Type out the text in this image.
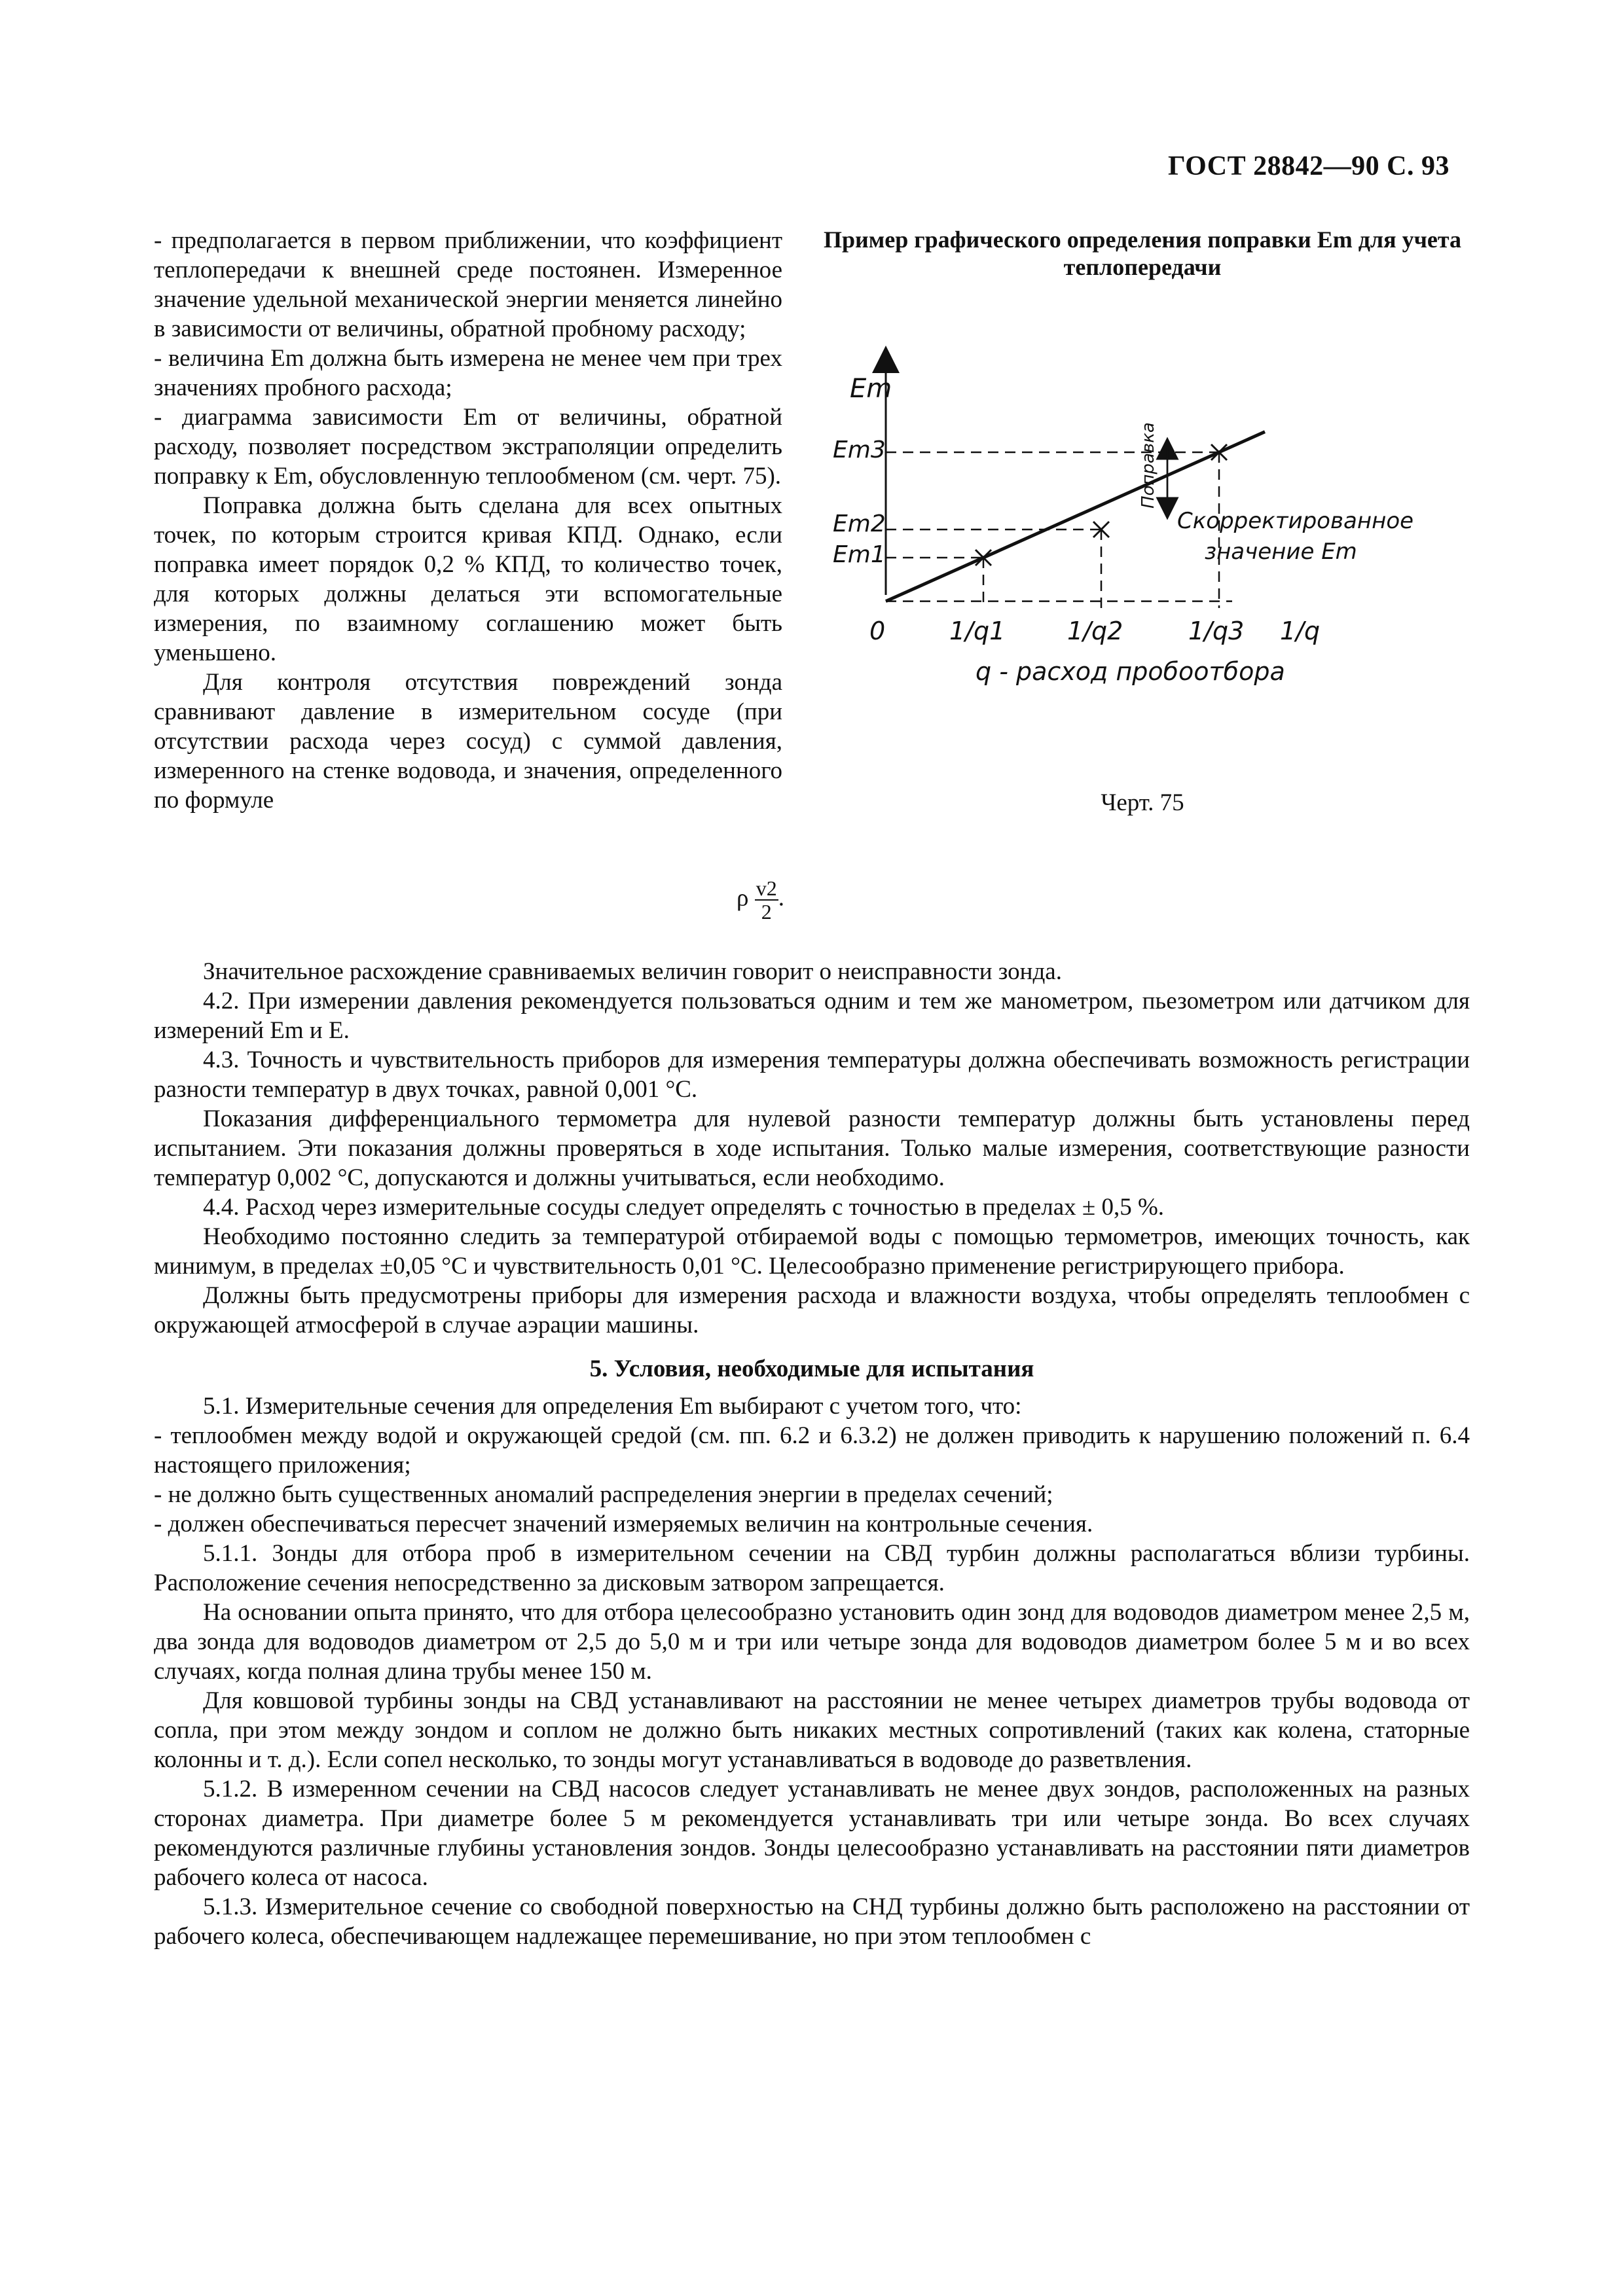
ГОСТ 28842—90 С. 93

- предполагается в первом приближении, что коэффициент теплопередачи к внешней среде постоянен. Измеренное значение удельной механической энергии меняется линейно в зависимости от величины, обратной пробному расходу;

- величина Em должна быть измерена не менее чем при трех значениях пробного расхода;

- диаграмма зависимости Em от величины, обратной расходу, позволяет посредством экстраполяции определить поправку к Em, обусловленную теплообменом (см. черт. 75).

Поправка должна быть сделана для всех опытных точек, по которым строится кривая КПД. Однако, если поправка имеет порядок 0,2 % КПД, то количество точек, для которых должны делаться эти вспомогательные измерения, по взаимному соглашению может быть уменьшено.

Для контроля отсутствия повреждений зонда сравнивают давление в измерительном сосуде (при отсутствии расхода через сосуд) с суммой давления, измеренного на стенке водовода, и значения, определенного по формуле

Пример графического определения поправки Em для учета теплопередачи

Em
Em3
Em2
Em1
0	1/q1 1/q2	1/q3 1/q
q - расход пробоотбора
Поправка
Скорректированное
значение Em
Черт. 75
ρ $\frac{v2}{2}$ .

Значительное расхождение сравниваемых величин говорит о неисправности зонда.

4.2. При измерении давления рекомендуется пользоваться одним и тем же манометром, пьезометром или датчиком для измерений Em и E.

4.3. Точность и чувствительность приборов для измерения температуры должна обеспечивать возможность регистрации разности температур в двух точках, равной 0,001 °С.

Показания дифференциального термометра для нулевой разности температур должны быть установлены перед испытанием. Эти показания должны проверяться в ходе испытания. Только малые измерения, соответствующие разности температур 0,002 °С, допускаются и должны учитываться, если необходимо.

4.4. Расход через измерительные сосуды следует определять с точностью в пределах ± 0,5 %.

Необходимо постоянно следить за температурой отбираемой воды с помощью термометров, имеющих точность, как минимум, в пределах ±0,05 °С и чувствительность 0,01 °С. Целесообразно применение регистрирующего прибора.

Должны быть предусмотрены приборы для измерения расхода и влажности воздуха, чтобы определять теплообмен с окружающей атмосферой в случае аэрации машины.

5. Условия, необходимые для испытания

5.1. Измерительные сечения для определения Em выбирают с учетом того, что:

- теплообмен между водой и окружающей средой (см. пп. 6.2 и 6.3.2) не должен приводить к нарушению положений п. 6.4 настоящего приложения;

- не должно быть существенных аномалий распределения энергии в пределах сечений;

- должен обеспечиваться пересчет значений измеряемых величин на контрольные сечения.

5.1.1. Зонды для отбора проб в измерительном сечении на СВД турбин должны располагаться вблизи турбины. Расположение сечения непосредственно за дисковым затвором запрещается.

На основании опыта принято, что для отбора целесообразно установить один зонд для водоводов диаметром менее 2,5 м, два зонда для водоводов диаметром от 2,5 до 5,0 м и три или четыре зонда для водоводов диаметром более 5 м и во всех случаях, когда полная длина трубы менее 150 м.

Для ковшовой турбины зонды на СВД устанавливают на расстоянии не менее четырех диаметров трубы водовода от сопла, при этом между зондом и соплом не должно быть никаких местных сопротивлений (таких как колена, статорные колонны и т. д.). Если сопел несколько, то зонды могут устанавливаться в водоводе до разветвления.

5.1.2. В измеренном сечении на СВД насосов следует устанавливать не менее двух зондов, расположенных на разных сторонах диаметра. При диаметре более 5 м рекомендуется устанавливать три или четыре зонда. Во всех случаях рекомендуются различные глубины установления зондов. Зонды целесообразно устанавливать на расстоянии пяти диаметров рабочего колеса от насоса.

5.1.3. Измерительное сечение со свободной поверхностью на СНД турбины должно быть расположено на расстоянии от рабочего колеса, обеспечивающем надлежащее перемешивание, но при этом теплообмен с
